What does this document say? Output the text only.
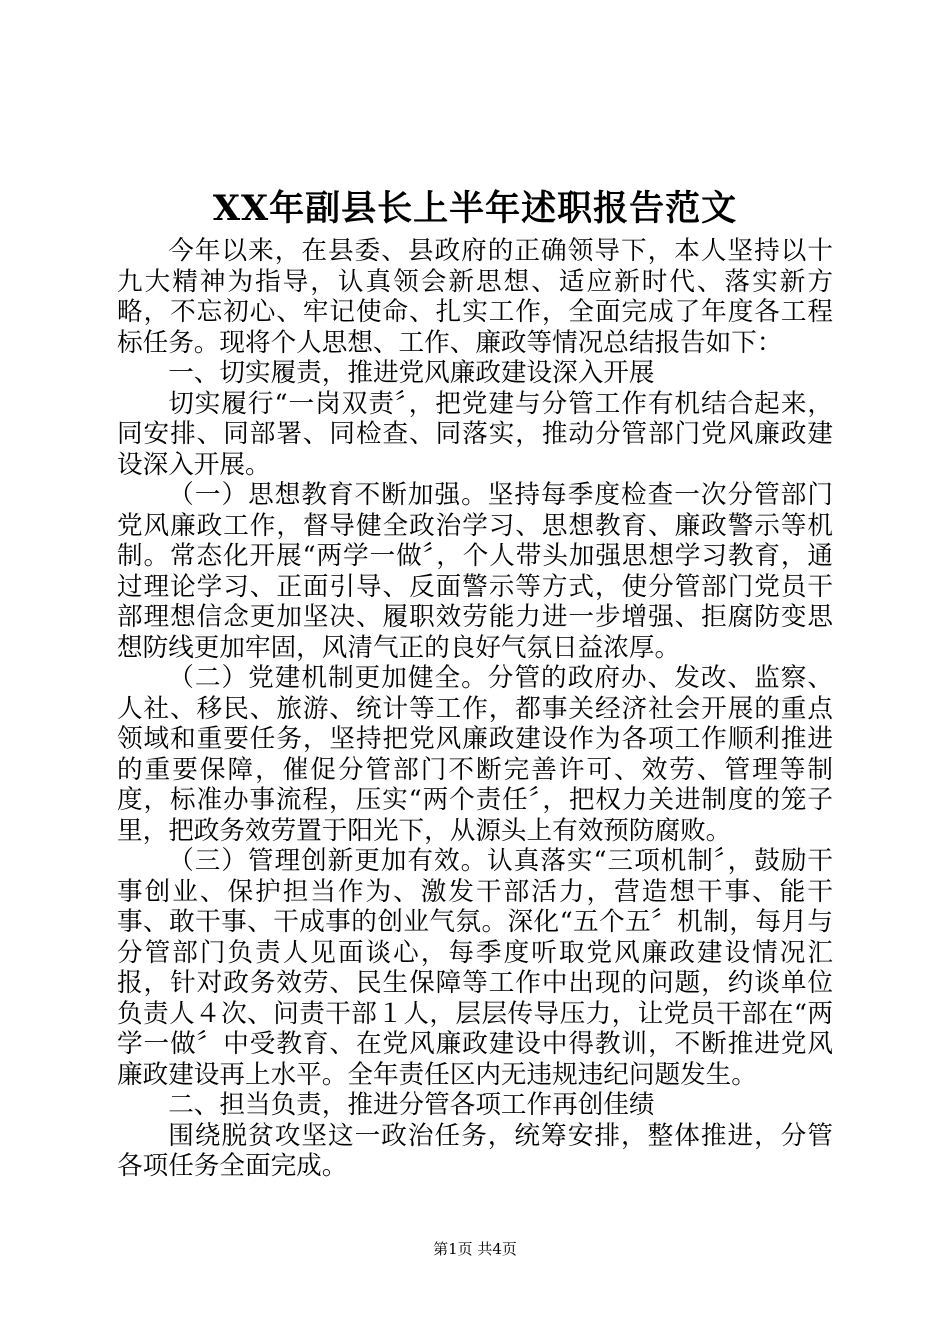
XX年副县长上半年述职报告范文

今年以来，在县委、县政府的正确领导下，本人坚持以十九大精神为指导，认真领会新思想、适应新时代、落实新方略，不忘初心、牢记使命、扎实工作，全面完成了年度各工程标任务。现将个人思想、工作、廉政等情况总结报告如下：

一、切实履责，推进党风廉政建设深入开展

切实履行“一岗双责〞，把党建与分管工作有机结合起来，同安排、同部署、同检查、同落实，推动分管部门党风廉政建设深入开展。

（一）思想教育不断加强。坚持每季度检查一次分管部门党风廉政工作，督导健全政治学习、思想教育、廉政警示等机制。常态化开展“两学一做〞，个人带头加强思想学习教育，通过理论学习、正面引导、反面警示等方式，使分管部门党员干部理想信念更加坚决、履职效劳能力进一步增强、拒腐防变思想防线更加牢固，风清气正的良好气氛日益浓厚。

（二）党建机制更加健全。分管的政府办、发改、监察、人社、移民、旅游、统计等工作，都事关经济社会开展的重点领域和重要任务，坚持把党风廉政建设作为各项工作顺利推进的重要保障，催促分管部门不断完善许可、效劳、管理等制度，标准办事流程，压实“两个责任〞，把权力关进制度的笼子里，把政务效劳置于阳光下，从源头上有效预防腐败。

（三）管理创新更加有效。认真落实“三项机制〞，鼓励干事创业、保护担当作为、激发干部活力，营造想干事、能干事、敢干事、干成事的创业气氛。深化“五个五〞机制，每月与分管部门负责人见面谈心，每季度听取党风廉政建设情况汇报，针对政务效劳、民生保障等工作中出现的问题，约谈单位负责人４次、问责干部１人，层层传导压力，让党员干部在“两学一做〞中受教育、在党风廉政建设中得教训，不断推进党风廉政建设再上水平。全年责任区内无违规违纪问题发生。

二、担当负责，推进分管各项工作再创佳绩

围绕脱贫攻坚这一政治任务，统筹安排，整体推进，分管各项任务全面完成。

第1页 共4页
